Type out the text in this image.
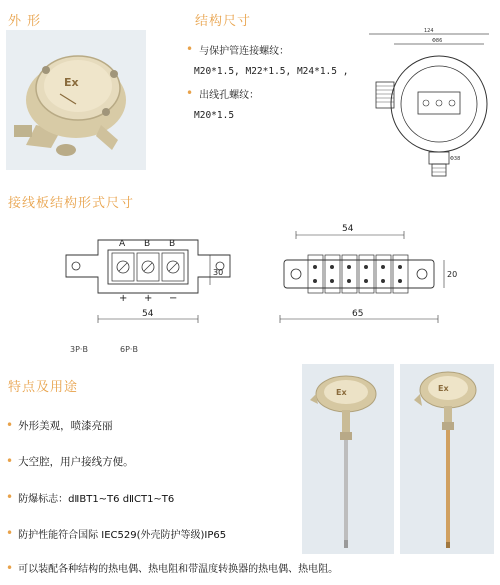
外 形
Ex
结构尺寸
• 与保护管连接螺纹：
M20*1.5, M22*1.5, M24*1.5 ,
• 出线孔螺纹：
M20*1.5
124
Φ86
Φ38
接线板结构形式尺寸
A B B
+ + −
30
54
54
20
65
3P·B	6P·B
特点及用途
• 外形美观，喷漆亮丽
• 大空腔，用户接线方便。
• 防爆标志：dⅡBT1~T6 dⅡCT1~T6
• 防护性能符合国际 IEC529(外壳防护等级)IP65
• 可以装配各种结构的热电偶、热电阻和带温度转换器的热电偶、热电阻。
Ex	Ex
